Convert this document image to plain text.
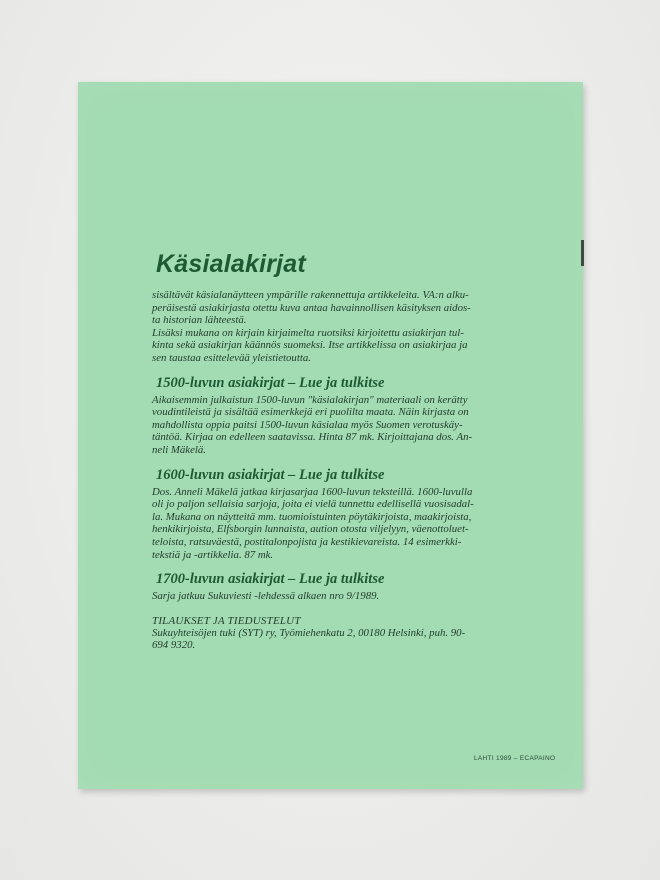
Käsialakirjat

sisältävät käsialanäytteen ympärille rakennettuja artikkeleita. VA:n alku-

peräisestä asiakirjasta otettu kuva antaa havainnollisen käsityksen aidos-

ta historian lähteestä.

Lisäksi mukana on kirjain kirjaimelta ruotsiksi kirjoitettu asiakirjan tul-

kinta sekä asiakirjan käännös suomeksi. Itse artikkelissa on asiakirjaa ja

sen taustaa esittelevää yleistietoutta.

1500-luvun asiakirjat – Lue ja tulkitse

Aikaisemmin julkaistun 1500-luvun "käsialakirjan" materiaali on kerätty

voudintileistä ja sisältää esimerkkejä eri puolilta maata. Näin kirjasta on

mahdollista oppia paitsi 1500-luvun käsialaa myös Suomen verotuskäy-

täntöä. Kirjaa on edelleen saatavissa. Hinta 87 mk. Kirjoittajana dos. An-

neli Mäkelä.

1600-luvun asiakirjat – Lue ja tulkitse

Dos. Anneli Mäkelä jatkaa kirjasarjaa 1600-luvun teksteillä. 1600-luvulla

oli jo paljon sellaisia sarjoja, joita ei vielä tunnettu edellisellä vuosisadal-

la. Mukana on näytteitä mm. tuomioistuinten pöytäkirjoista, maakirjoista,

henkikirjoista, Elfsborgin lunnaista, aution otosta viljelyyn, väenottoluet-

teloista, ratsuväestä, postitalonpojista ja kestikievareista. 14 esimerkki-

tekstiä ja -artikkelia. 87 mk.

1700-luvun asiakirjat – Lue ja tulkitse

Sarja jatkuu Sukuviesti -lehdessä alkaen nro 9/1989.

TILAUKSET JA TIEDUSTELUT

Sukuyhteisöjen tuki (SYT) ry, Työmiehenkatu 2, 00180 Helsinki, puh. 90-

694 9320.

LAHTI 1989 – ECAPAINO
